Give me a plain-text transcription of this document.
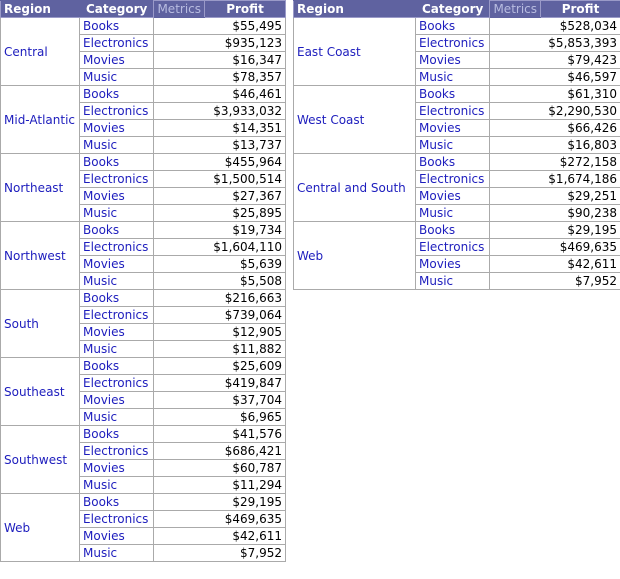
Region Category		Metrics	Profit

Central	Books	$55,495	
	Electronics	$935,123	
	Movies	$16,347	
	Music	$78,357	
Mid-Atlantic	Books	$46,461	
	Electronics	$3,933,032	
	Movies	$14,351	
	Music	$13,737	
Northeast	Books	$455,964	
	Electronics	$1,500,514	
	Movies	$27,367	
	Music	$25,895	
Northwest	Books	$19,734	
	Electronics	$1,604,110	
	Movies	$5,639	
	Music	$5,508	
South	Books	$216,663	
	Electronics	$739,064	
	Movies	$12,905	
	Music	$11,882	
Southeast	Books	$25,609	
	Electronics	$419,847	
	Movies	$37,704	
	Music	$6,965	
Southwest	Books	$41,576	
	Electronics	$686,421	
	Movies	$60,787	
	Music	$11,294	
Web	Books	$29,195	
	Electronics	$469,635	
	Movies	$42,611	
	Music	$7,952	
Region Category		Metrics	Profit

East Coast	Books	$528,034	
	Electronics	$5,853,393	
	Movies	$79,423	
	Music	$46,597	
West Coast	Books	$61,310	
	Electronics	$2,290,530	
	Movies	$66,426	
	Music	$16,803	
Central and South	Books	$272,158	
	Electronics	$1,674,186	
	Movies	$29,251	
	Music	$90,238	
Web	Books	$29,195	
	Electronics	$469,635	
	Movies	$42,611	
	Music	$7,952	
